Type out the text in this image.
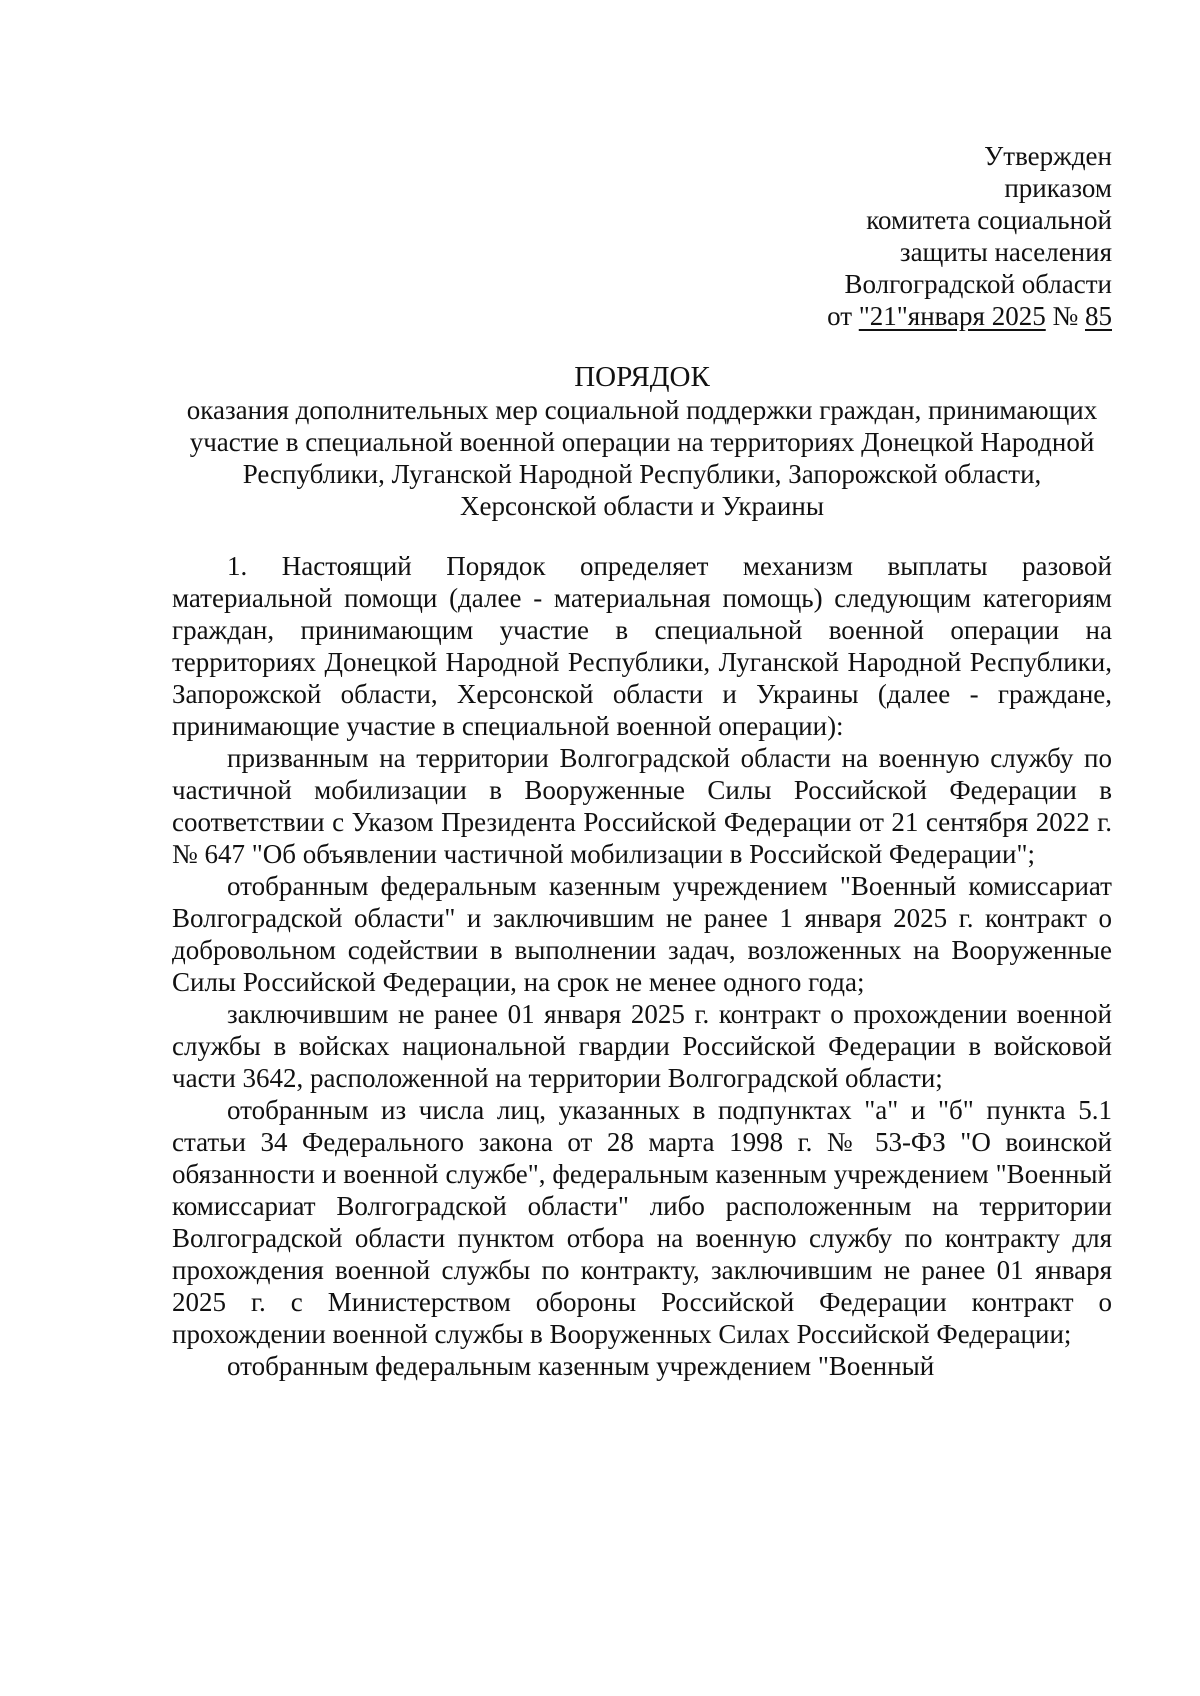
Утвержден
приказом
комитета социальной
защиты населения
Волгоградской области
от "21"января 2025 № 85
ПОРЯДОК
оказания дополнительных мер социальной поддержки граждан, принимающих участие в специальной военной операции на территориях Донецкой Народной Республики, Луганской Народной Республики, Запорожской области, Херсонской области и Украины

1. Настоящий Порядок определяет механизм выплаты разовой материальной помощи (далее - материальная помощь) следующим категориям граждан, принимающим участие в специальной военной операции на территориях Донецкой Народной Республики, Луганской Народной Республики, Запорожской области, Херсонской области и Украины (далее - граждане, принимающие участие в специальной военной операции):

призванным на территории Волгоградской области на военную службу по частичной мобилизации в Вооруженные Силы Российской Федерации в соответствии с Указом Президента Российской Федерации от 21 сентября 2022 г. № 647 "Об объявлении частичной мобилизации в Российской Федерации";

отобранным федеральным казенным учреждением "Военный комиссариат Волгоградской области" и заключившим не ранее 1 января 2025 г. контракт о добровольном содействии в выполнении задач, возложенных на Вооруженные Силы Российской Федерации, на срок не менее одного года;

заключившим не ранее 01 января 2025 г. контракт о прохождении военной службы в войсках национальной гвардии Российской Федерации в войсковой части 3642, расположенной на территории Волгоградской области;

отобранным из числа лиц, указанных в подпунктах "а" и "б" пункта 5.1 статьи 34 Федерального закона от 28 марта 1998 г. № 53-ФЗ "О воинской обязанности и военной службе", федеральным казенным учреждением "Военный комиссариат Волгоградской области" либо расположенным на территории Волгоградской области пунктом отбора на военную службу по контракту для прохождения военной службы по контракту, заключившим не ранее 01 января 2025 г. с Министерством обороны Российской Федерации контракт о прохождении военной службы в Вооруженных Силах Российской Федерации;

отобранным федеральным казенным учреждением "Военный
